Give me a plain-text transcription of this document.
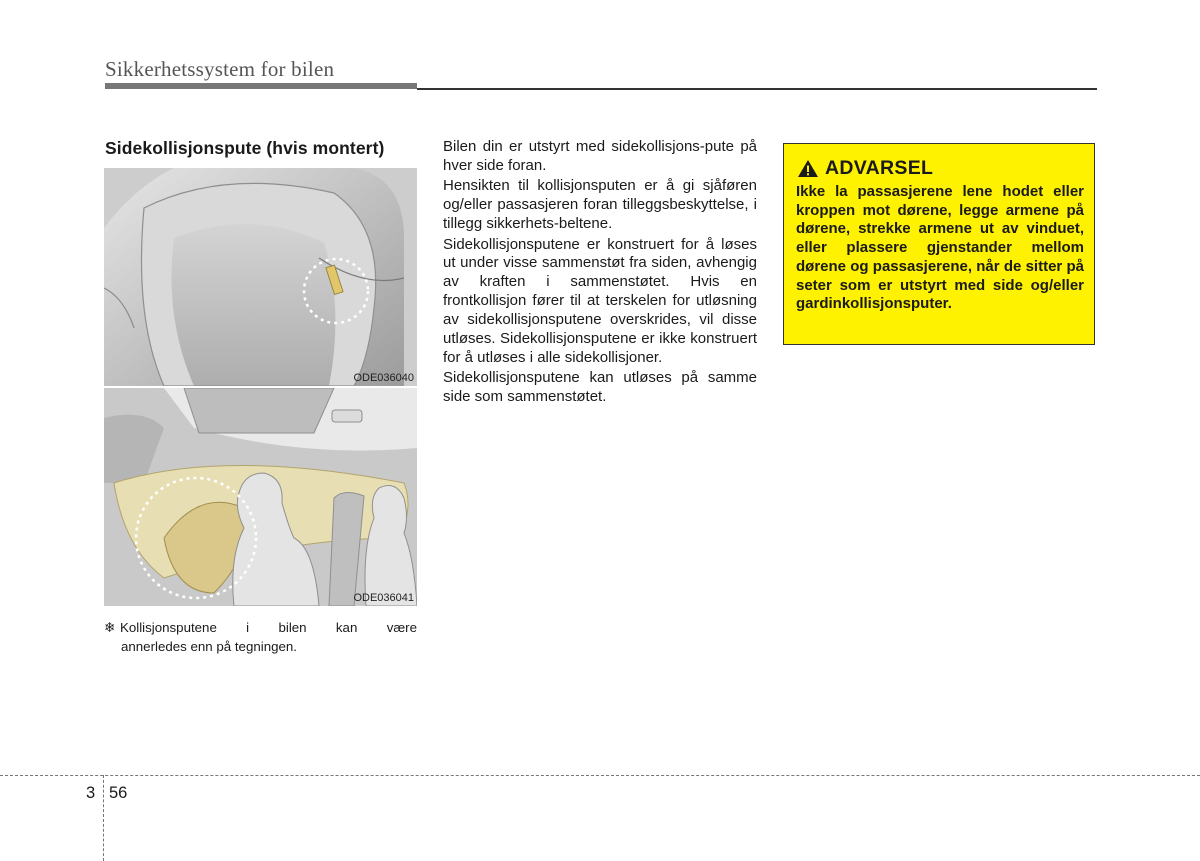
Sikkerhetssystem for bilen
Sidekollisjonspute (hvis montert)
ODE036040
ODE036041
❄ Kollisjonsputene i bilen kan være
annerledes enn på tegningen.

Bilen din er utstyrt med sidekollisjons-pute på hver side foran.

Hensikten til kollisjonsputen er å gi sjåføren og/eller passasjeren foran tilleggsbeskyttelse, i tillegg sikkerhets-beltene.

Sidekollisjonsputene er konstruert for å løses ut under visse sammenstøt fra siden, avhengig av kraften i sammenstøtet. Hvis en frontkollisjon fører til at terskelen for utløsning av sidekollisjonsputene overskrides, vil disse utløses. Sidekollisjonsputene er ikke konstruert for å utløses i alle sidekollisjoner.

Sidekollisjonsputene kan utløses på samme side som sammenstøtet.

ADVARSEL
Ikke la passasjerene lene hodet eller kroppen mot dørene, legge armene på dørene, strekke armene ut av vinduet, eller plassere gjenstander mellom dørene og passasjerene, når de sitter på seter som er utstyrt med side og/eller gardinkollisjonsputer.
3 56
